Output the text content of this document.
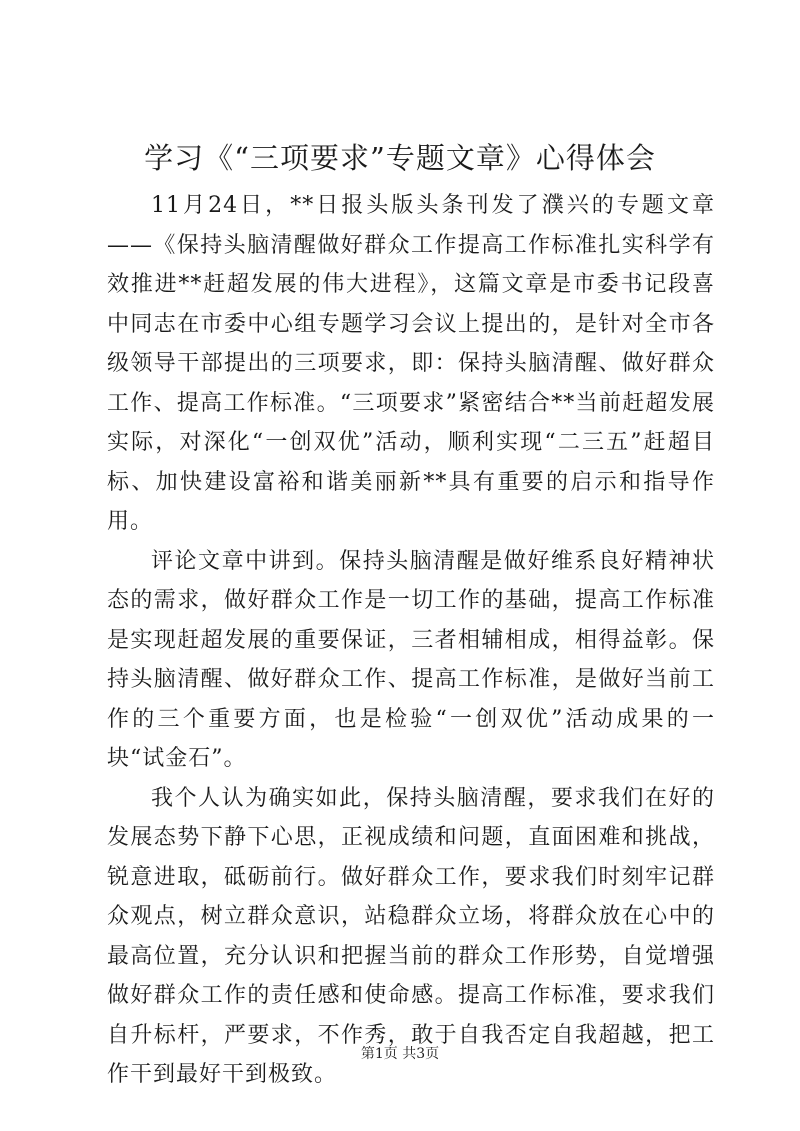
学习《“三项要求”专题文章》心得体会

11月24日，**日报头版头条刊发了濮兴的专题文章——《保持头脑清醒做好群众工作提高工作标准扎实科学有效推进**赶超发展的伟大进程》，这篇文章是市委书记段喜中同志在市委中心组专题学习会议上提出的，是针对全市各级领导干部提出的三项要求，即：保持头脑清醒、做好群众工作、提高工作标准。“三项要求”紧密结合**当前赶超发展实际，对深化“一创双优”活动，顺利实现“二三五”赶超目标、加快建设富裕和谐美丽新**具有重要的启示和指导作用。

评论文章中讲到。保持头脑清醒是做好维系良好精神状态的需求，做好群众工作是一切工作的基础，提高工作标准是实现赶超发展的重要保证，三者相辅相成，相得益彰。保持头脑清醒、做好群众工作、提高工作标准，是做好当前工作的三个重要方面，也是检验“一创双优”活动成果的一块“试金石”。

我个人认为确实如此，保持头脑清醒，要求我们在好的发展态势下静下心思，正视成绩和问题，直面困难和挑战，锐意进取，砥砺前行。做好群众工作，要求我们时刻牢记群众观点，树立群众意识，站稳群众立场，将群众放在心中的最高位置，充分认识和把握当前的群众工作形势，自觉增强做好群众工作的责任感和使命感。提高工作标准，要求我们自升标杆，严要求，不作秀，敢于自我否定自我超越，把工作干到最好干到极致。

第1页 共3页
